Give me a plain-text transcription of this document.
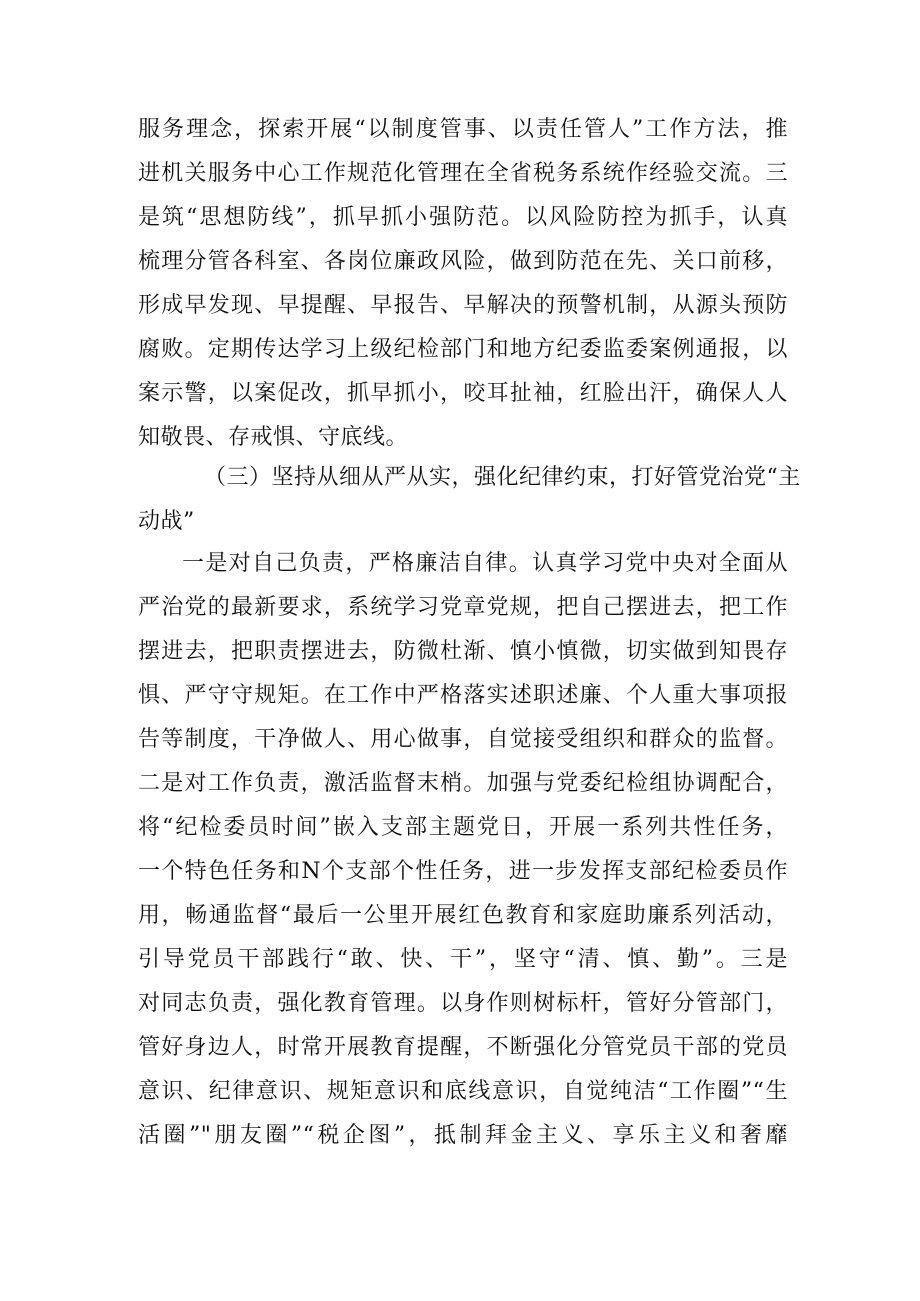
服务理念，探索开展“以制度管事、以责任管人”工作方法，推
进机关服务中心工作规范化管理在全省税务系统作经验交流。三
是筑“思想防线”，抓早抓小强防范。以风险防控为抓手，认真
梳理分管各科室、各岗位廉政风险，做到防范在先、关口前移，
形成早发现、早提醒、早报告、早解决的预警机制，从源头预防
腐败。定期传达学习上级纪检部门和地方纪委监委案例通报，以
案示警，以案促改，抓早抓小，咬耳扯袖，红脸出汗，确保人人
知敬畏、存戒惧、守底线。
（三）坚持从细从严从实，强化纪律约束，打好管党治党“主
动战”
一是对自己负责，严格廉洁自律。认真学习党中央对全面从
严治党的最新要求，系统学习党章党规，把自己摆进去，把工作
摆进去，把职责摆进去，防微杜渐、慎小慎微，切实做到知畏存
惧、严守守规矩。在工作中严格落实述职述廉、个人重大事项报
告等制度，干净做人、用心做事，自觉接受组织和群众的监督。
二是对工作负责，激活监督末梢。加强与党委纪检组协调配合，
将“纪检委员时间”嵌入支部主题党日，开展一系列共性任务，
一个特色任务和N个支部个性任务，进一步发挥支部纪检委员作
用，畅通监督“最后一公里开展红色教育和家庭助廉系列活动，
引导党员干部践行“敢、快、干”，坚守“清、慎、勤”。三是
对同志负责，强化教育管理。以身作则树标杆，管好分管部门，
管好身边人，时常开展教育提醒，不断强化分管党员干部的党员
意识、纪律意识、规矩意识和底线意识，自觉纯洁“工作圈”“生
活圈”"朋友圈”“税企图”，抵制拜金主义、享乐主义和奢靡
